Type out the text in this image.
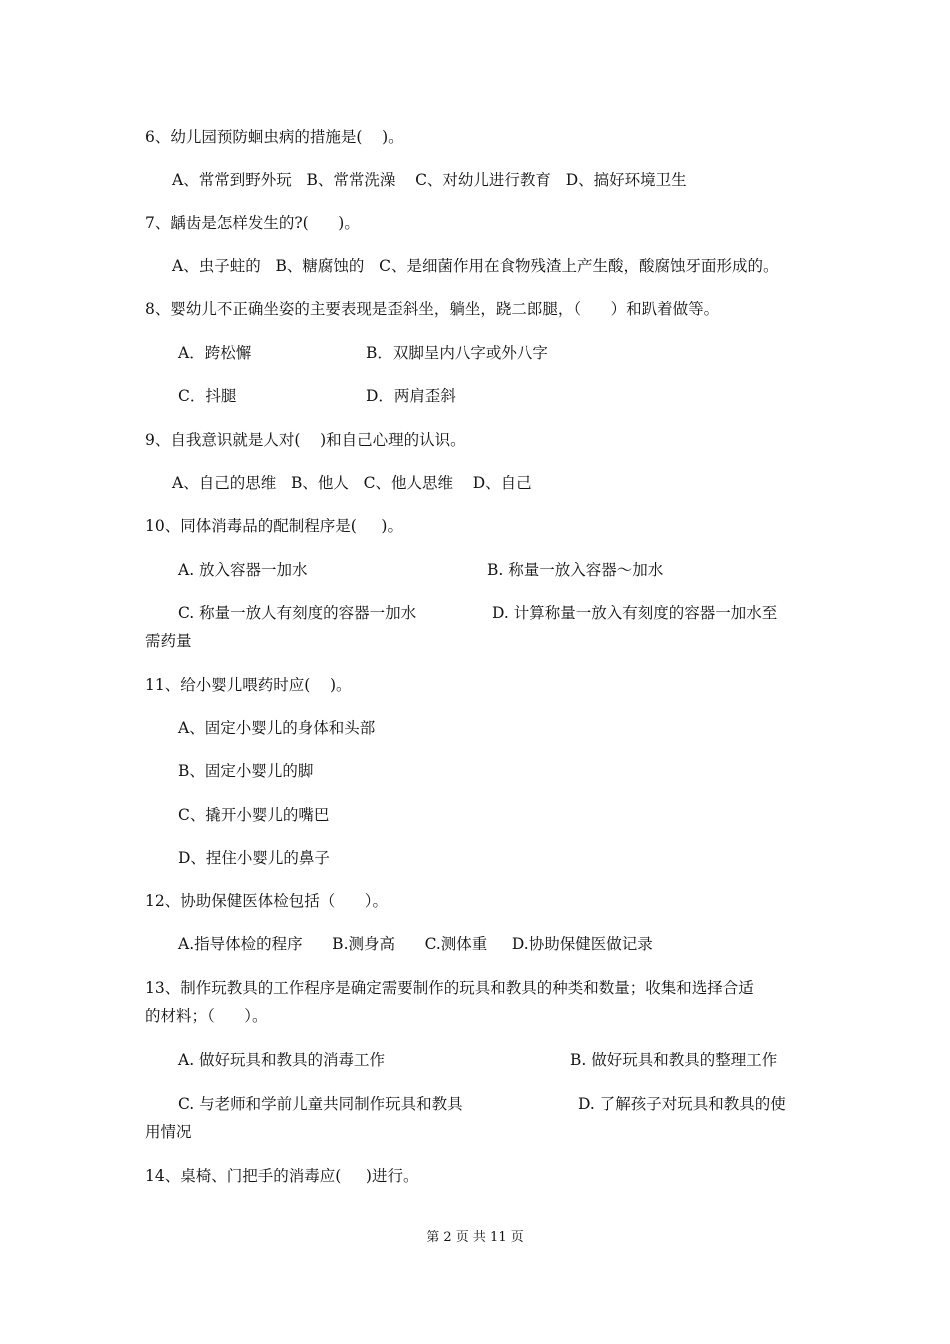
6、幼儿园预防蛔虫病的措施是(    )。
A、常常到野外玩   B、常常洗澡    C、对幼儿进行教育   D、搞好环境卫生
7、龋齿是怎样发生的?(      )。
A、虫子蛀的   B、糖腐蚀的   C、是细菌作用在食物残渣上产生酸，酸腐蚀牙面形成的。
8、婴幼儿不正确坐姿的主要表现是歪斜坐，躺坐，跷二郎腿，（      ）和趴着做等。
A．跨松懈	B．双脚呈内八字或外八字
C．抖腿	D．两肩歪斜
9、自我意识就是人对(    )和自己心理的认识。
A、自己的思维   B、他人   C、他人思维    D、自己
10、同体消毒品的配制程序是(     )。
A. 放入容器一加水	B. 称量一放入容器～加水
C. 称量一放人有刻度的容器一加水	D. 计算称量一放入有刻度的容器一加水至
需药量
11、给小婴儿喂药时应(    )。
A、固定小婴儿的身体和头部
B、固定小婴儿的脚
C、撬开小婴儿的嘴巴
D、捏住小婴儿的鼻子
12、协助保健医体检包括（      ）。
A.指导体检的程序      B.测身高      C.测体重     D.协助保健医做记录
13、制作玩教具的工作程序是确定需要制作的玩具和教具的种类和数量；收集和选择合适
的材料；（      ）。
A. 做好玩具和教具的消毒工作	B. 做好玩具和教具的整理工作
C. 与老师和学前儿童共同制作玩具和教具	D. 了解孩子对玩具和教具的使
用情况
14、桌椅、门把手的消毒应(     )进行。
第 2 页 共 11 页
